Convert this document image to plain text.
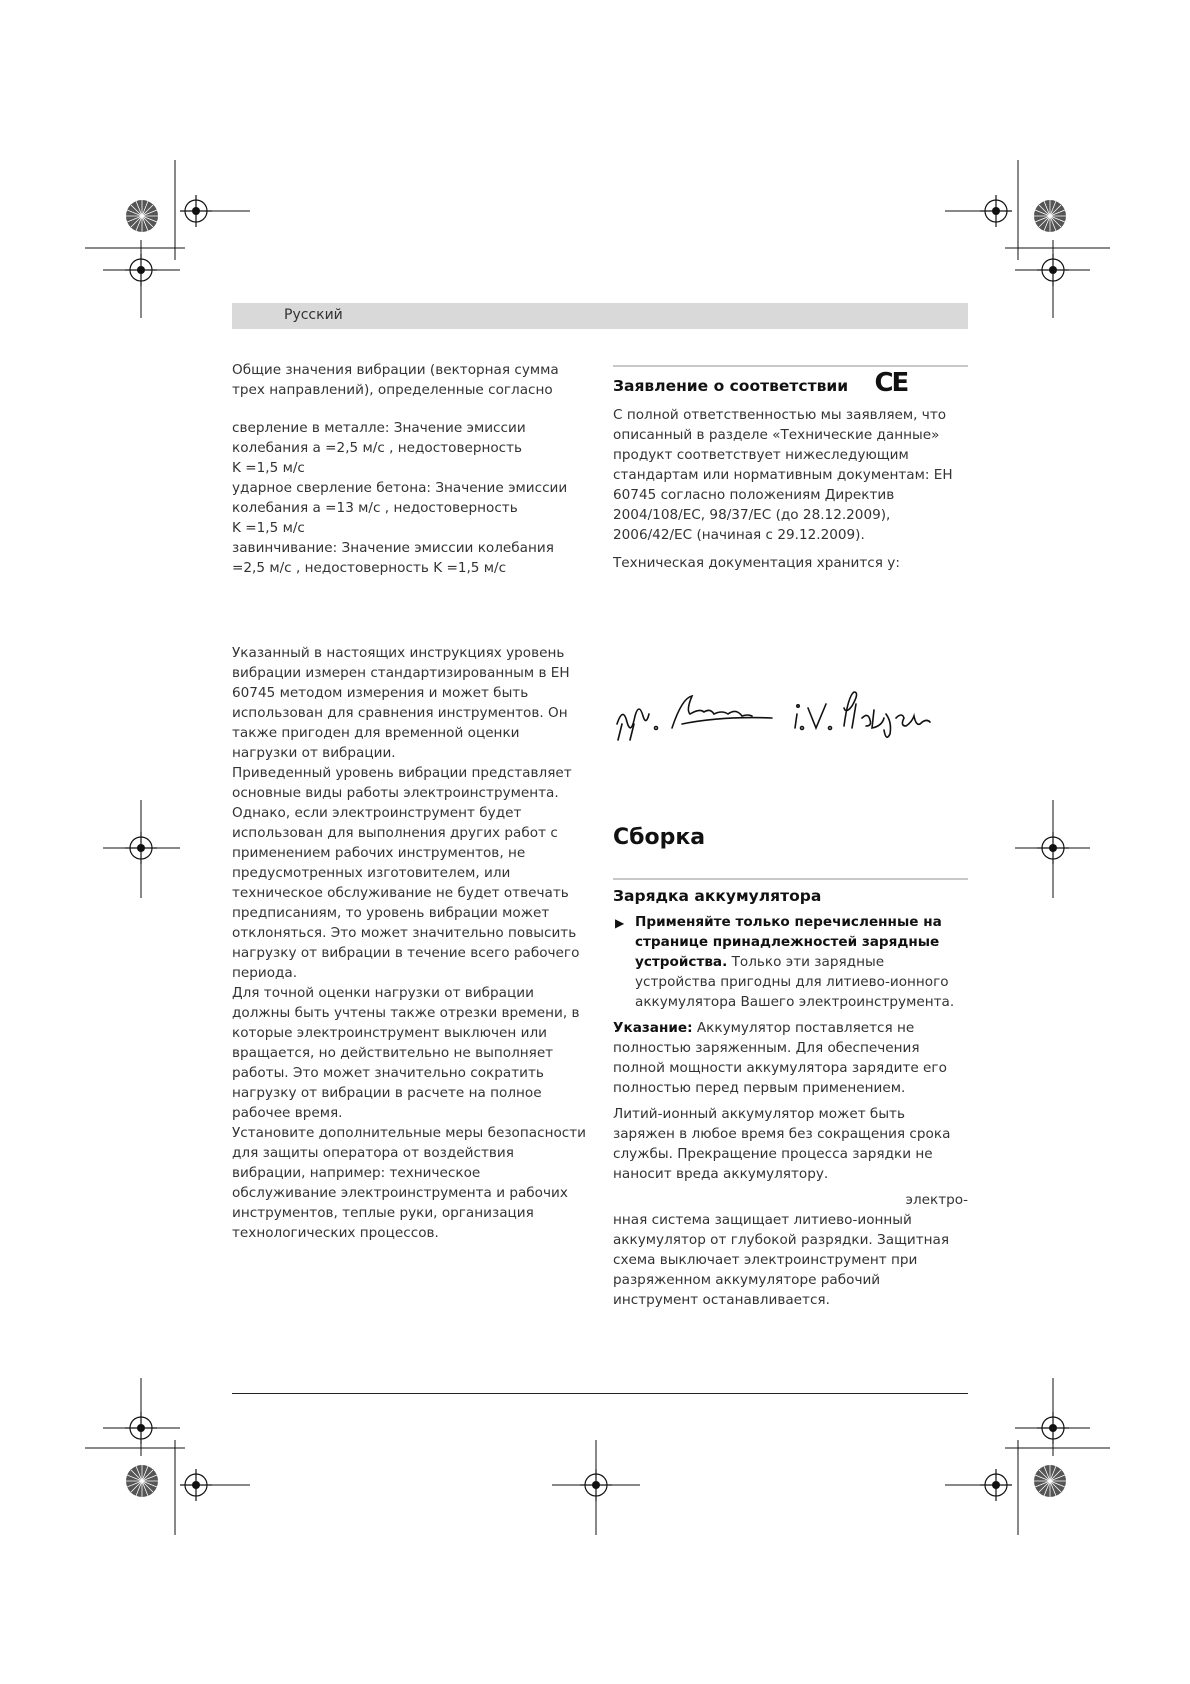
Русский

Общие значения вибрации (векторная сумма трех направлений), определенные согласно

сверление в металле: Значение эмиссии

колебания a =2,5 м/с , недостоверность

K =1,5 м/с

ударное сверление бетона: Значение эмиссии

колебания a =13 м/с , недостоверность

K =1,5 м/с

завинчивание: Значение эмиссии колебания

=2,5 м/с , недостоверность K =1,5 м/с

Указанный в настоящих инструкциях уровень вибрации измерен стандартизированным в ЕН 60745 методом измерения и может быть использован для сравнения инструментов. Он также пригоден для временной оценки нагрузки от вибрации.

Приведенный уровень вибрации представляет основные виды работы электроинструмента. Однако, если электроинструмент будет использован для выполнения других работ с применением рабочих инструментов, не предусмотренных изготовителем, или техническое обслуживание не будет отвечать предписаниям, то уровень вибрации может отклоняться. Это может значительно повысить нагрузку от вибрации в течение всего рабочего периода.

Для точной оценки нагрузки от вибрации должны быть учтены также отрезки времени, в которые электроинструмент выключен или вращается, но действительно не выполняет работы. Это может значительно сократить нагрузку от вибрации в расчете на полное рабочее время.

Установите дополнительные меры безопасности для защиты оператора от воздействия вибрации, например: техническое обслуживание электроинструмента и рабочих инструментов, теплые руки, организация технологических процессов.

Заявление о соответствии CE

С полной ответственностью мы заявляем, что описанный в разделе «Технические данные» продукт соответствует нижеследующим стандартам или нормативным документам: ЕН 60745 согласно положениям Директив 2004/108/EC, 98/37/EC (до 28.12.2009), 2006/42/EC (начиная с 29.12.2009).

Техническая документация хранится у:

Сборка
Зарядка аккумулятора
▶ Применяйте только перечисленные на странице принадлежностей зарядные устройства. Только эти зарядные устройства пригодны для литиево-ионного аккумулятора Вашего электроинструмента.

Указание: Аккумулятор поставляется не полностью заряженным. Для обеспечения полной мощности аккумулятора зарядите его полностью перед первым применением.

Литий-ионный аккумулятор может быть заряжен в любое время без сокращения срока службы. Прекращение процесса зарядки не наносит вреда аккумулятору.

электро-

нная система защищает литиево-ионный аккумулятор от глубокой разрядки. Защитная схема выключает электроинструмент при разряженном аккумуляторе рабочий инструмент останавливается.
